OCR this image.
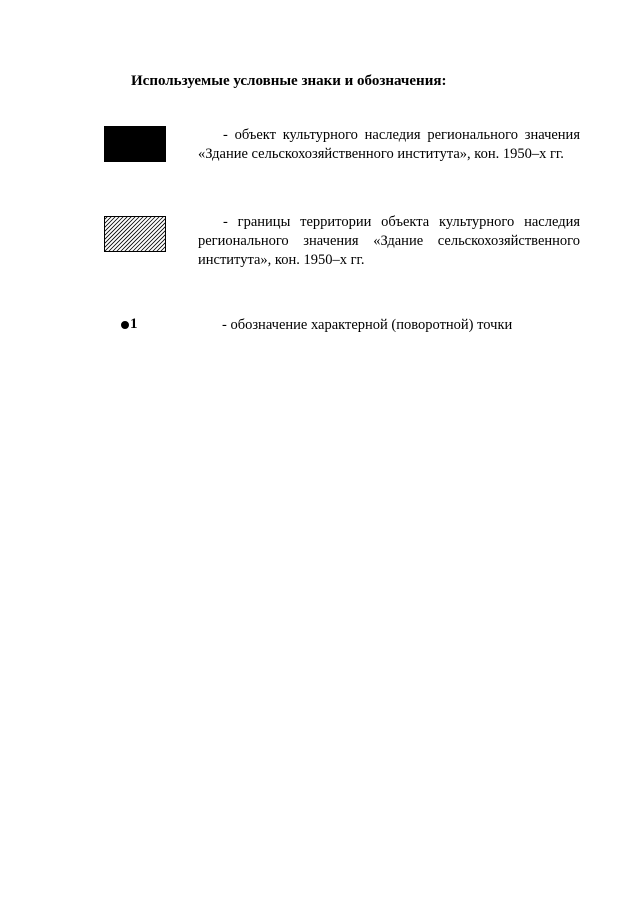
Используемые условные знаки и обозначения:
- объект культурного наследия регионального значения «Здание сельскохозяйственного института», кон. 1950–х гг.
- границы территории объекта культурного наследия регионального значения «Здание сельскохозяйственного института», кон. 1950–х гг.
1	- обозначение характерной (поворотной) точки
